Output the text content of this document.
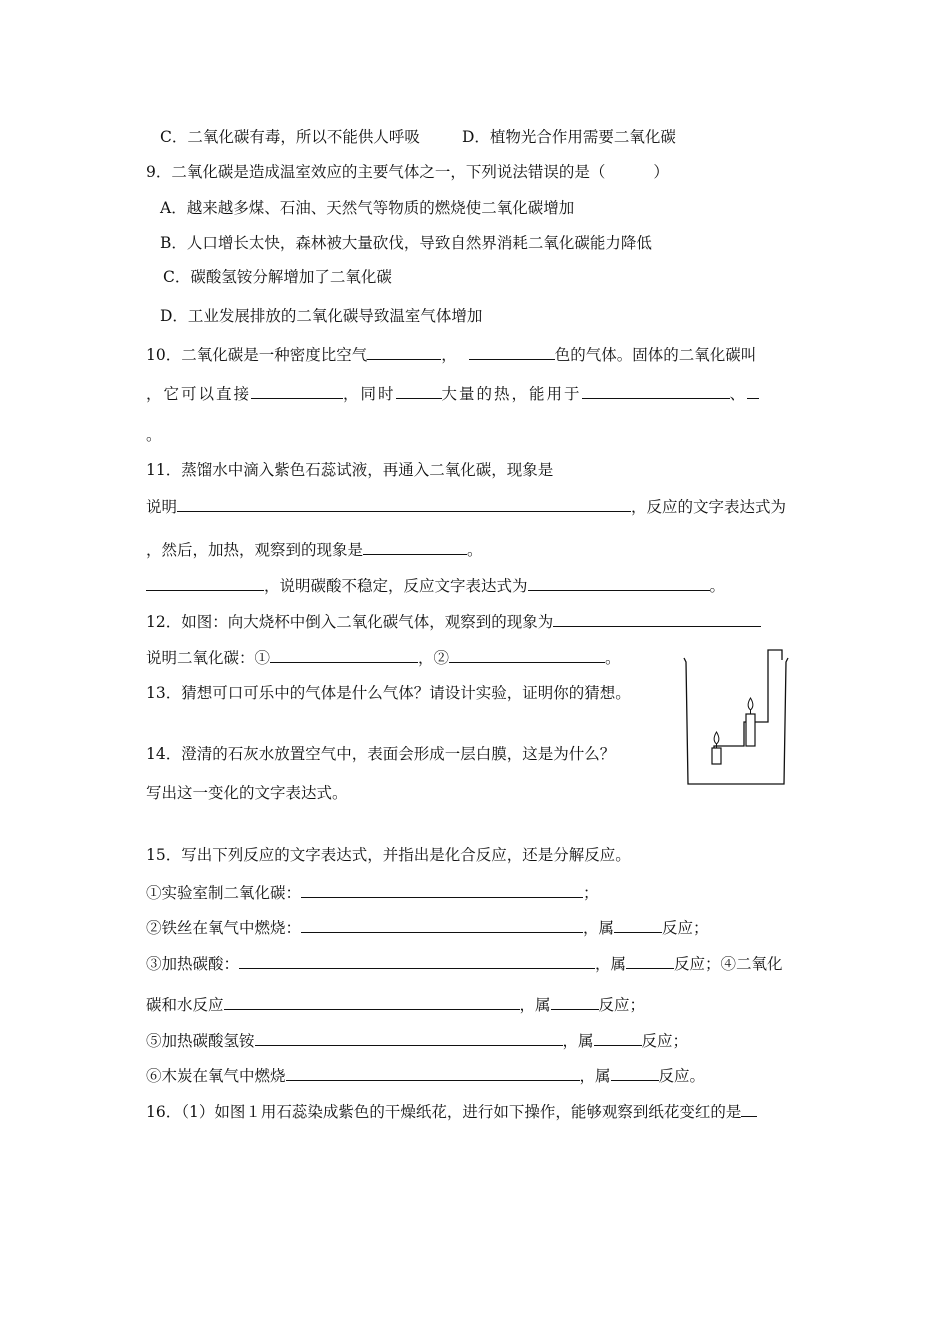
C．二氧化碳有毒，所以不能供人呼吸	D．植物光合作用需要二氧化碳
9．二氧化碳是造成温室效应的主要气体之一，下列说法错误的是（	）
A．越来越多煤、石油、天然气等物质的燃烧使二氧化碳增加
B．人口增长太快，森林被大量砍伐，导致自然界消耗二氧化碳能力降低
C．碳酸氢铵分解增加了二氧化碳
D．工业发展排放的二氧化碳导致温室气体增加
10．二氧化碳是一种密度比空气	，	色的气体。固体的二氧化碳叫
，它可以直接	，同时	大量的热，能用于	、
。
11．蒸馏水中滴入紫色石蕊试液，再通入二氧化碳，现象是
说明	，反应的文字表达式为
，然后，加热，观察到的现象是	。
，说明碳酸不稳定，反应文字表达式为	。
12．如图：向大烧杯中倒入二氧化碳气体，观察到的现象为
说明二氧化碳：①	，②	。
13．猜想可口可乐中的气体是什么气体？请设计实验，证明你的猜想。
14．澄清的石灰水放置空气中，表面会形成一层白膜，这是为什么？
写出这一变化的文字表达式。
15．写出下列反应的文字表达式，并指出是化合反应，还是分解反应。
①实验室制二氧化碳：	；
②铁丝在氧气中燃烧：	，属	反应；
③加热碳酸：	，属	反应；④二氧化
碳和水反应	，属	反应；
⑤加热碳酸氢铵	，属	反应；
⑥木炭在氧气中燃烧	，属	反应。
16．（1）如图１用石蕊染成紫色的干燥纸花，进行如下操作，能够观察到纸花变红的是
